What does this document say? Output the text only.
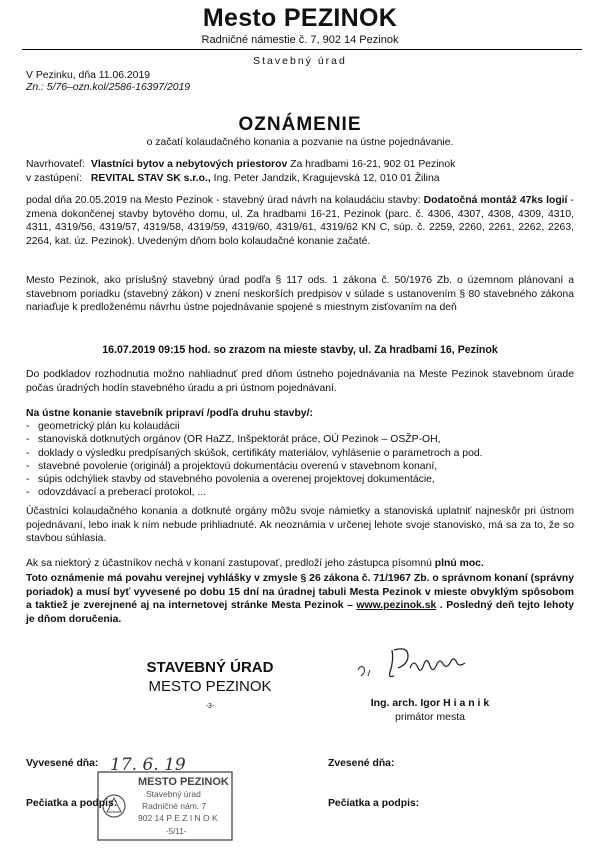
Mesto PEZINOK
Radničné námestie č. 7, 902 14 Pezinok
Stavebný úrad
V Pezinku, dňa 11.06.2019
Zn.: 5/76–ozn.kol/2586-16397/2019
OZNÁMENIE
o začatí kolaudačného konania a pozvanie na ústne pojednávanie.
Navrhovateľ: Vlastníci bytov a nebytových priestorov Za hradbami 16-21, 902 01 Pezinok
v zastúpení: REVITAL STAV SK s.r.o., Ing. Peter Jandzik, Kragujevská 12, 010 01 Žilina
podal dňa 20.05.2019 na Mesto Pezinok - stavebný úrad návrh na kolaudáciu stavby: Dodatočná montáž 47ks logií - zmena dokončenej stavby bytového domu, ul. Za hradbami 16-21, Pezinok (parc. č. 4306, 4307, 4308, 4309, 4310, 4311, 4319/56, 4319/57, 4319/58, 4319/59, 4319/60, 4319/61, 4319/62 KN C, súp. č. 2259, 2260, 2261, 2262, 2263, 2264, kat. úz. Pezinok). Uvedeným dňom bolo kolaudačné konanie začaté.
Mesto Pezinok, ako príslušný stavebný úrad podľa § 117 ods. 1 zákona č. 50/1976 Zb. o územnom plánovaní a stavebnom poriadku (stavebný zákon) v znení neskorších predpisov v súlade s ustanovením § 80 stavebného zákona nariaďuje k predloženému návrhu ústne pojednávanie spojené s miestnym zisťovaním na deň
16.07.2019 09:15 hod. so zrazom na mieste stavby, ul. Za hradbami 16, Pezinok
Do podkladov rozhodnutia možno nahliadnuť pred dňom ústneho pojednávania na Meste Pezinok stavebnom úrade počas úradných hodín stavebného úradu a pri ústnom pojednávaní.
Na ústne konanie stavebník pripraví /podľa druhu stavby/:
- geometrický plán ku kolaudácii
- stanoviská dotknutých orgánov (OR HaZZ, Inšpektorát práce, OÚ Pezinok – OSŽP-OH,
- doklady o výsledku predpísaných skúšok, certifikáty materiálov, vyhlásenie o parametroch a pod.
- stavebné povolenie (originál) a projektovú dokumentáciu overenú v stavebnom konaní,
- súpis odchýliek stavby od stavebného povolenia a overenej projektovej dokumentácie,
- odovzdávací a preberací protokol, ...
Účastníci kolaudačného konania a dotknuté orgány môžu svoje námietky a stanoviská uplatniť najneskôr pri ústnom pojednávaní, lebo inak k ním nebude prihliadnuté. Ak neoznámia v určenej lehote svoje stanovisko, má sa za to, že so stavbou súhlasia.
Ak sa niektorý z účastníkov nechá v konaní zastupovať, predloží jeho zástupca písomnú plnú moc.
Toto oznámenie má povahu verejnej vyhlášky v zmysle § 26 zákona č. 71/1967 Zb. o správnom konaní (správny poriadok) a musí byť vyvesené po dobu 15 dní na úradnej tabuli Mesta Pezinok v mieste obvyklým spôsobom a taktiež je zverejnené aj na internetovej stránke Mesta Pezinok – www.pezinok.sk . Posledný deň tejto lehoty je dňom doručenia.
STAVEBNÝ ÚRAD
MESTO PEZINOK
-3-	Ing. arch. Igor H i a n i k
primátor mesta
Vyvesené dňa:	Zvesené dňa:
17. 6. 19
MESTO PEZINOK
Stavebný úrad
Radničné nám. 7
902 14 P E Z I N O K
-5/11-
Pečiatka a podpis:	Pečiatka a podpis:
